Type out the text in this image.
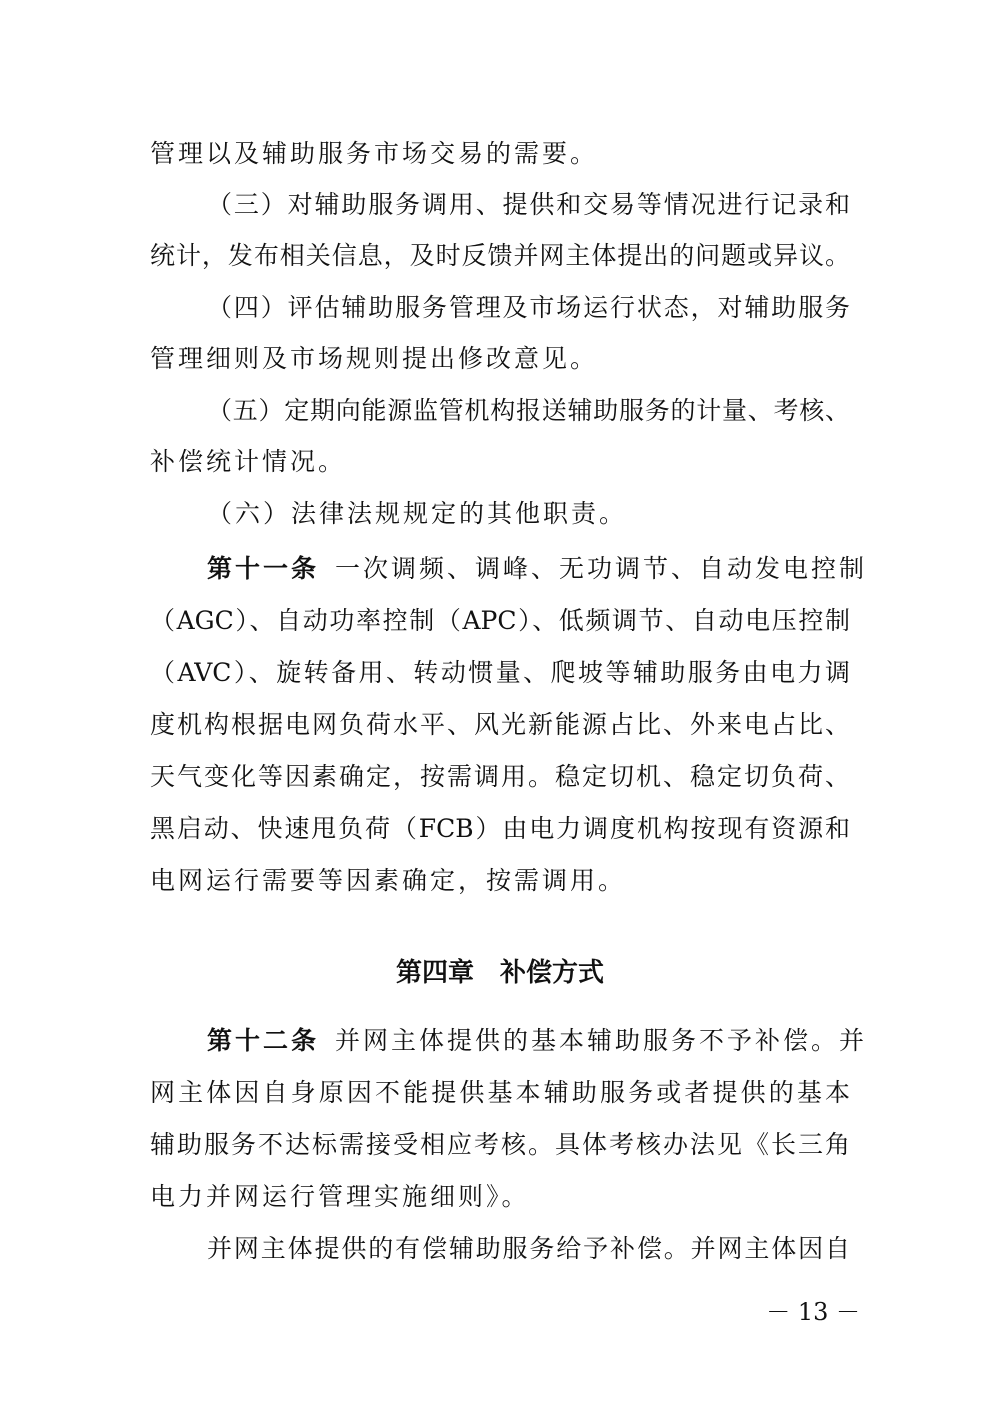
管理以及辅助服务市场交易的需要。
（三）对辅助服务调用、提供和交易等情况进行记录和
统计，发布相关信息，及时反馈并网主体提出的问题或异议。
（四）评估辅助服务管理及市场运行状态，对辅助服务
管理细则及市场规则提出修改意见。
（五）定期向能源监管机构报送辅助服务的计量、考核、
补偿统计情况。
（六）法律法规规定的其他职责。
第十一条 一次调频、调峰、无功调节、自动发电控制
（AGC）、自动功率控制（APC）、低频调节、自动电压控制
（AVC）、旋转备用、转动惯量、爬坡等辅助服务由电力调
度机构根据电网负荷水平、风光新能源占比、外来电占比、
天气变化等因素确定，按需调用。稳定切机、稳定切负荷、
黑启动、快速甩负荷（FCB）由电力调度机构按现有资源和
电网运行需要等因素确定，按需调用。
第四章　补偿方式
第十二条 并网主体提供的基本辅助服务不予补偿。并
网主体因自身原因不能提供基本辅助服务或者提供的基本
辅助服务不达标需接受相应考核。具体考核办法见《长三角
电力并网运行管理实施细则》。
并网主体提供的有偿辅助服务给予补偿。并网主体因自
－ 13 －
